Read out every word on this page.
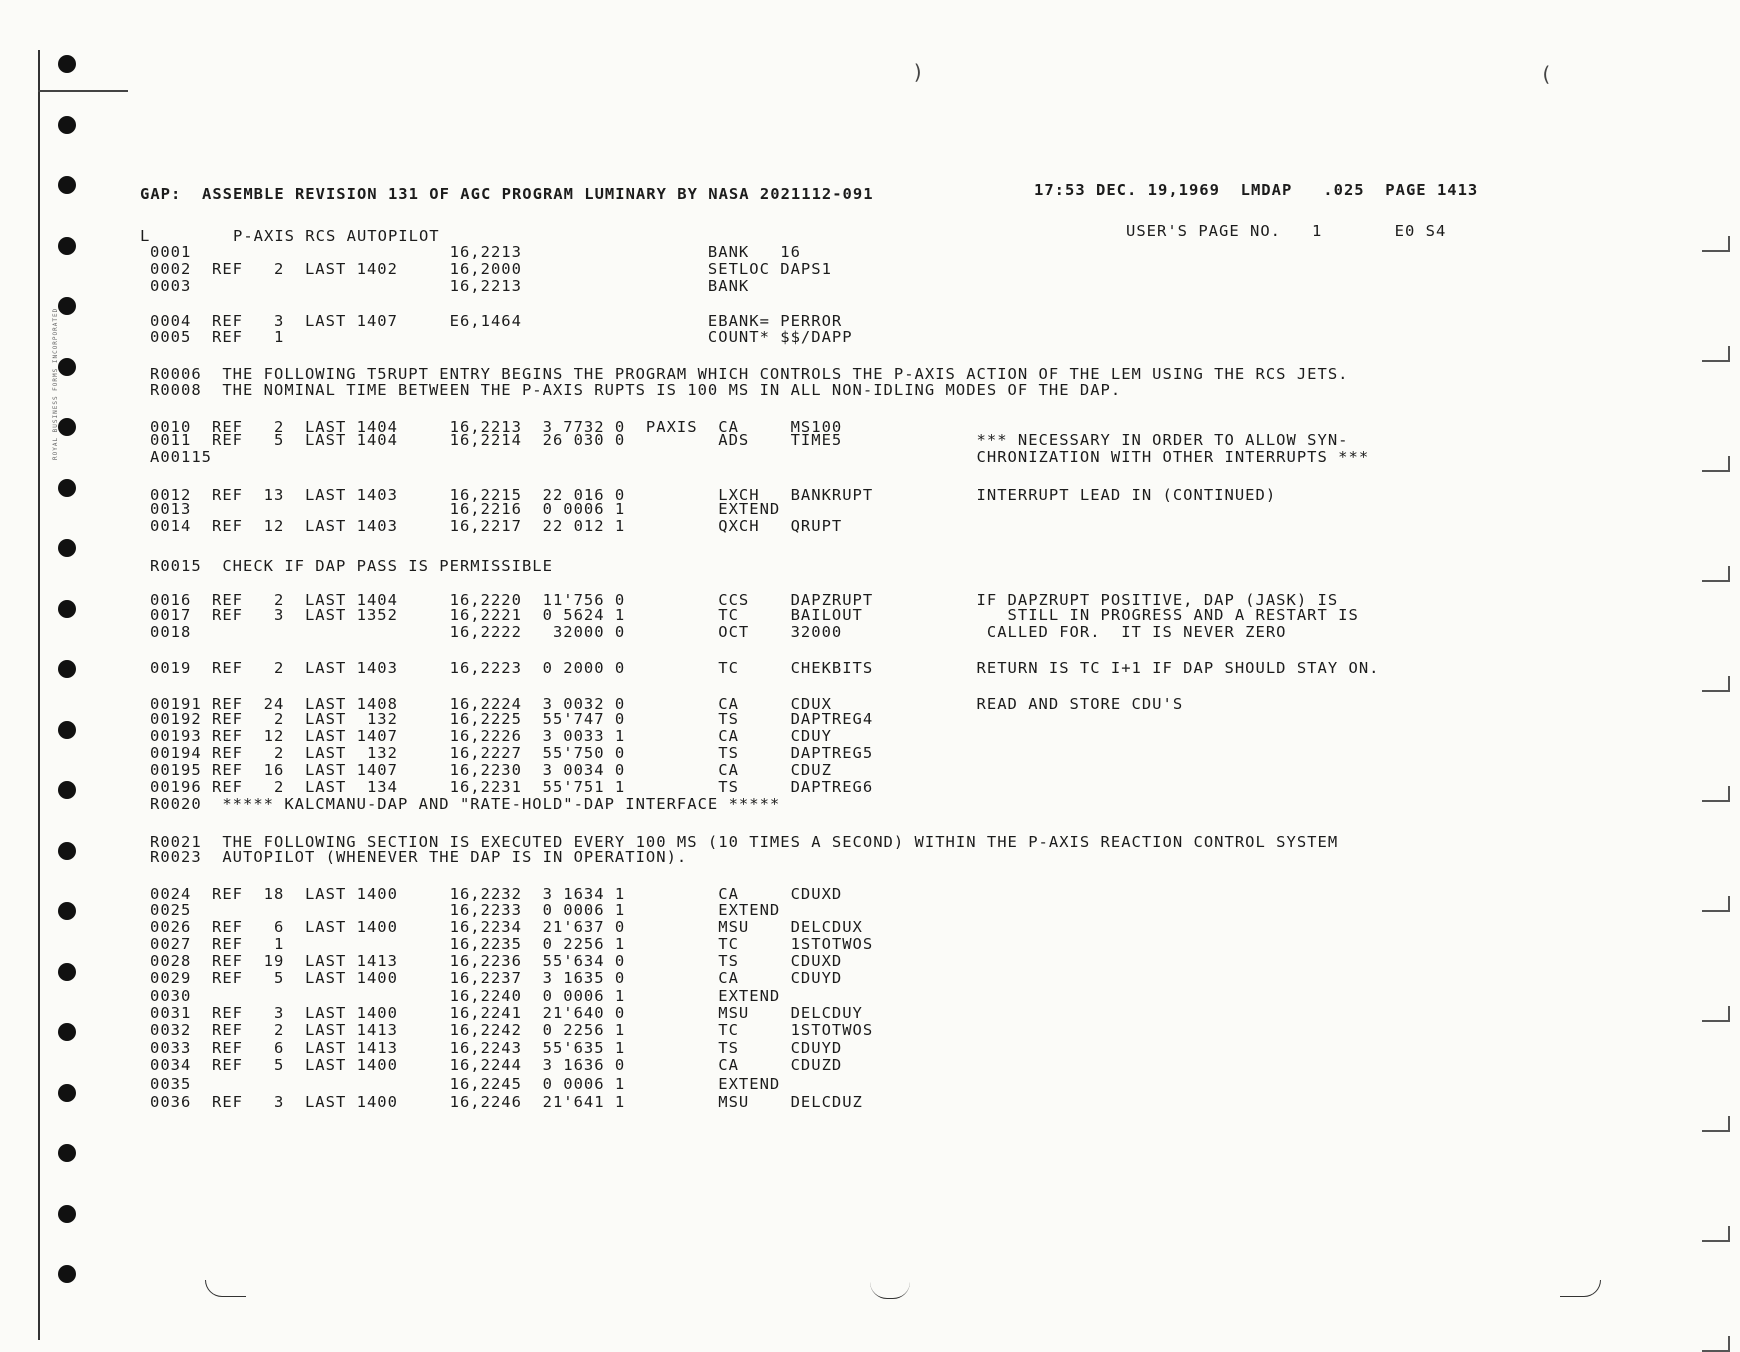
ROYAL BUSINESS FORMS INCORPORATED
)	(
GAP:  ASSEMBLE REVISION 131 OF AGC PROGRAM LUMINARY BY NASA 2021112-091	17:53 DEC. 19,1969  LMDAP   .025  PAGE 1413
L        P-AXIS RCS AUTOPILOT	USER'S PAGE NO.   1       E0 S4
0001                         16,2213                  BANK   16
0002  REF   2  LAST 1402     16,2000                  SETLOC DAPS1
0003                         16,2213                  BANK
0004  REF   3  LAST 1407     E6,1464                  EBANK= PERROR
0005  REF   1                                         COUNT* $$/DAPP
R0006  THE FOLLOWING T5RUPT ENTRY BEGINS THE PROGRAM WHICH CONTROLS THE P-AXIS ACTION OF THE LEM USING THE RCS JETS.
R0008  THE NOMINAL TIME BETWEEN THE P-AXIS RUPTS IS 100 MS IN ALL NON-IDLING MODES OF THE DAP.
0010  REF   2  LAST 1404     16,2213  3 7732 0  PAXIS  CA     MS100
0011  REF   5  LAST 1404     16,2214  26 030 0         ADS    TIME5             *** NECESSARY IN ORDER TO ALLOW SYN-
A00115                                                                          CHRONIZATION WITH OTHER INTERRUPTS ***
0012  REF  13  LAST 1403     16,2215  22 016 0         LXCH   BANKRUPT          INTERRUPT LEAD IN (CONTINUED)
0013                         16,2216  0 0006 1         EXTEND
0014  REF  12  LAST 1403     16,2217  22 012 1         QXCH   QRUPT
R0015  CHECK IF DAP PASS IS PERMISSIBLE
0016  REF   2  LAST 1404     16,2220  11'756 0         CCS    DAPZRUPT          IF DAPZRUPT POSITIVE, DAP (JASK) IS
0017  REF   3  LAST 1352     16,2221  0 5624 1         TC     BAILOUT              STILL IN PROGRESS AND A RESTART IS
0018                         16,2222   32000 0         OCT    32000              CALLED FOR.  IT IS NEVER ZERO
0019  REF   2  LAST 1403     16,2223  0 2000 0         TC     CHEKBITS          RETURN IS TC I+1 IF DAP SHOULD STAY ON.
00191 REF  24  LAST 1408     16,2224  3 0032 0         CA     CDUX              READ AND STORE CDU'S
00192 REF   2  LAST  132     16,2225  55'747 0         TS     DAPTREG4
00193 REF  12  LAST 1407     16,2226  3 0033 1         CA     CDUY
00194 REF   2  LAST  132     16,2227  55'750 0         TS     DAPTREG5
00195 REF  16  LAST 1407     16,2230  3 0034 0         CA     CDUZ
00196 REF   2  LAST  134     16,2231  55'751 1         TS     DAPTREG6
R0020  ***** KALCMANU-DAP AND "RATE-HOLD"-DAP INTERFACE *****
R0021  THE FOLLOWING SECTION IS EXECUTED EVERY 100 MS (10 TIMES A SECOND) WITHIN THE P-AXIS REACTION CONTROL SYSTEM
R0023  AUTOPILOT (WHENEVER THE DAP IS IN OPERATION).
0024  REF  18  LAST 1400     16,2232  3 1634 1         CA     CDUXD
0025                         16,2233  0 0006 1         EXTEND
0026  REF   6  LAST 1400     16,2234  21'637 0         MSU    DELCDUX
0027  REF   1                16,2235  0 2256 1         TC     1STOTWOS
0028  REF  19  LAST 1413     16,2236  55'634 0         TS     CDUXD
0029  REF   5  LAST 1400     16,2237  3 1635 0         CA     CDUYD
0030                         16,2240  0 0006 1         EXTEND
0031  REF   3  LAST 1400     16,2241  21'640 0         MSU    DELCDUY
0032  REF   2  LAST 1413     16,2242  0 2256 1         TC     1STOTWOS
0033  REF   6  LAST 1413     16,2243  55'635 1         TS     CDUYD
0034  REF   5  LAST 1400     16,2244  3 1636 0         CA     CDUZD
0035                         16,2245  0 0006 1         EXTEND
0036  REF   3  LAST 1400     16,2246  21'641 1         MSU    DELCDUZ
